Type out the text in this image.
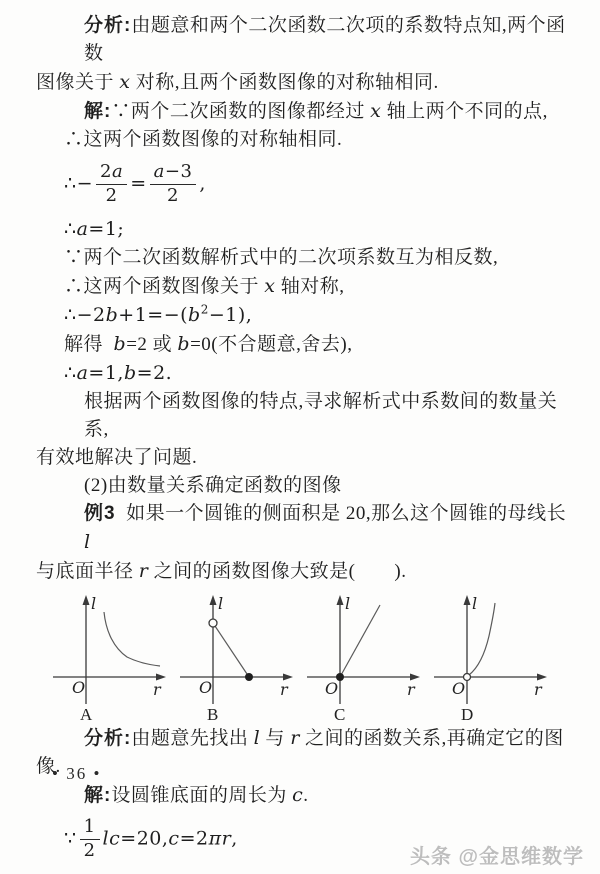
分析:由题意和两个二次函数二次项的系数特点知,两个函数
图像关于 x 对称,且两个函数图像的对称轴相同.
解:∵两个二次函数的图像都经过 x 轴上两个不同的点,
∴这两个函数图像的对称轴相同.
∴− $\frac{2a}{2} = \frac{a-3}{2}$ ,
∴a=1;
∵两个二次函数解析式中的二次项系数互为相反数,
∴这两个函数图像关于 x 轴对称,
$\therefore-2b+1=-(b^2-1)$,
解得  b=2 或 b=0(不合题意,舍去),
∴a=1,b=2.
根据两个函数图像的特点,寻求解析式中系数间的数量关系,
有效地解决了问题.
(2)由数量关系确定函数的图像
例3  如果一个圆锥的侧面积是 20,那么这个圆锥的母线长 l
与底面半径 r 之间的函数图像大致是(　　).
l
r
O
A
l
r
O
B
l
r
O
C
l
r
O
D
分析:由题意先找出 l 与 r 之间的函数关系,再确定它的图
像.
解:设圆锥底面的周长为 c.
∵ $\frac{1}{2} lc=20,c=2\pi r$,
• 36 •
头条 @金思维数学
